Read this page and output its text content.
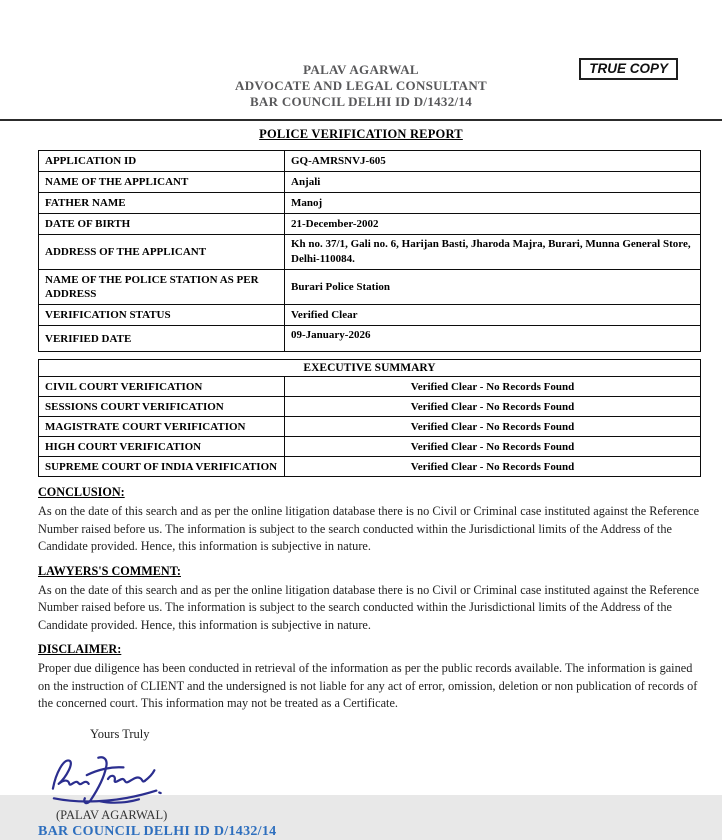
PALAV AGARWAL
ADVOCATE AND LEGAL CONSULTANT
BAR COUNCIL DELHI ID D/1432/14
TRUE COPY
POLICE VERIFICATION REPORT
APPLICATION ID	GQ-AMRSNVJ-605
NAME OF THE APPLICANT	Anjali
FATHER NAME	Manoj
DATE OF BIRTH	21-December-2002
ADDRESS OF THE APPLICANT	Kh no. 37/1, Gali no. 6, Harijan Basti, Jharoda Majra, Burari, Munna General Store, Delhi-110084.
NAME OF THE POLICE STATION AS PER ADDRESS	Burari Police Station
VERIFICATION STATUS	Verified Clear
VERIFIED DATE	09-January-2026
EXECUTIVE SUMMARY	
CIVIL COURT VERIFICATION	Verified Clear - No Records Found
SESSIONS COURT VERIFICATION	Verified Clear - No Records Found
MAGISTRATE COURT VERIFICATION	Verified Clear - No Records Found
HIGH COURT VERIFICATION	Verified Clear - No Records Found
SUPREME COURT OF INDIA VERIFICATION	Verified Clear - No Records Found
CONCLUSION:
As on the date of this search and as per the online litigation database there is no Civil or Criminal case instituted against the Reference Number raised before us. The information is subject to the search conducted within the Jurisdictional limits of the Address of the Candidate provided. Hence, this information is subjective in nature.
LAWYERS'S COMMENT:
As on the date of this search and as per the online litigation database there is no Civil or Criminal case instituted against the Reference Number raised before us. The information is subject to the search conducted within the Jurisdictional limits of the Address of the Candidate provided. Hence, this information is subjective in nature.
DISCLAIMER:
Proper due diligence has been conducted in retrieval of the information as per the public records available. The information is gained on the instruction of CLIENT and the undersigned is not liable for any act of error, omission, deletion or non publication of records of the concerned court. This information may not be treated as a Certificate.
Yours Truly
(PALAV AGARWAL)
BAR COUNCIL DELHI ID D/1432/14
